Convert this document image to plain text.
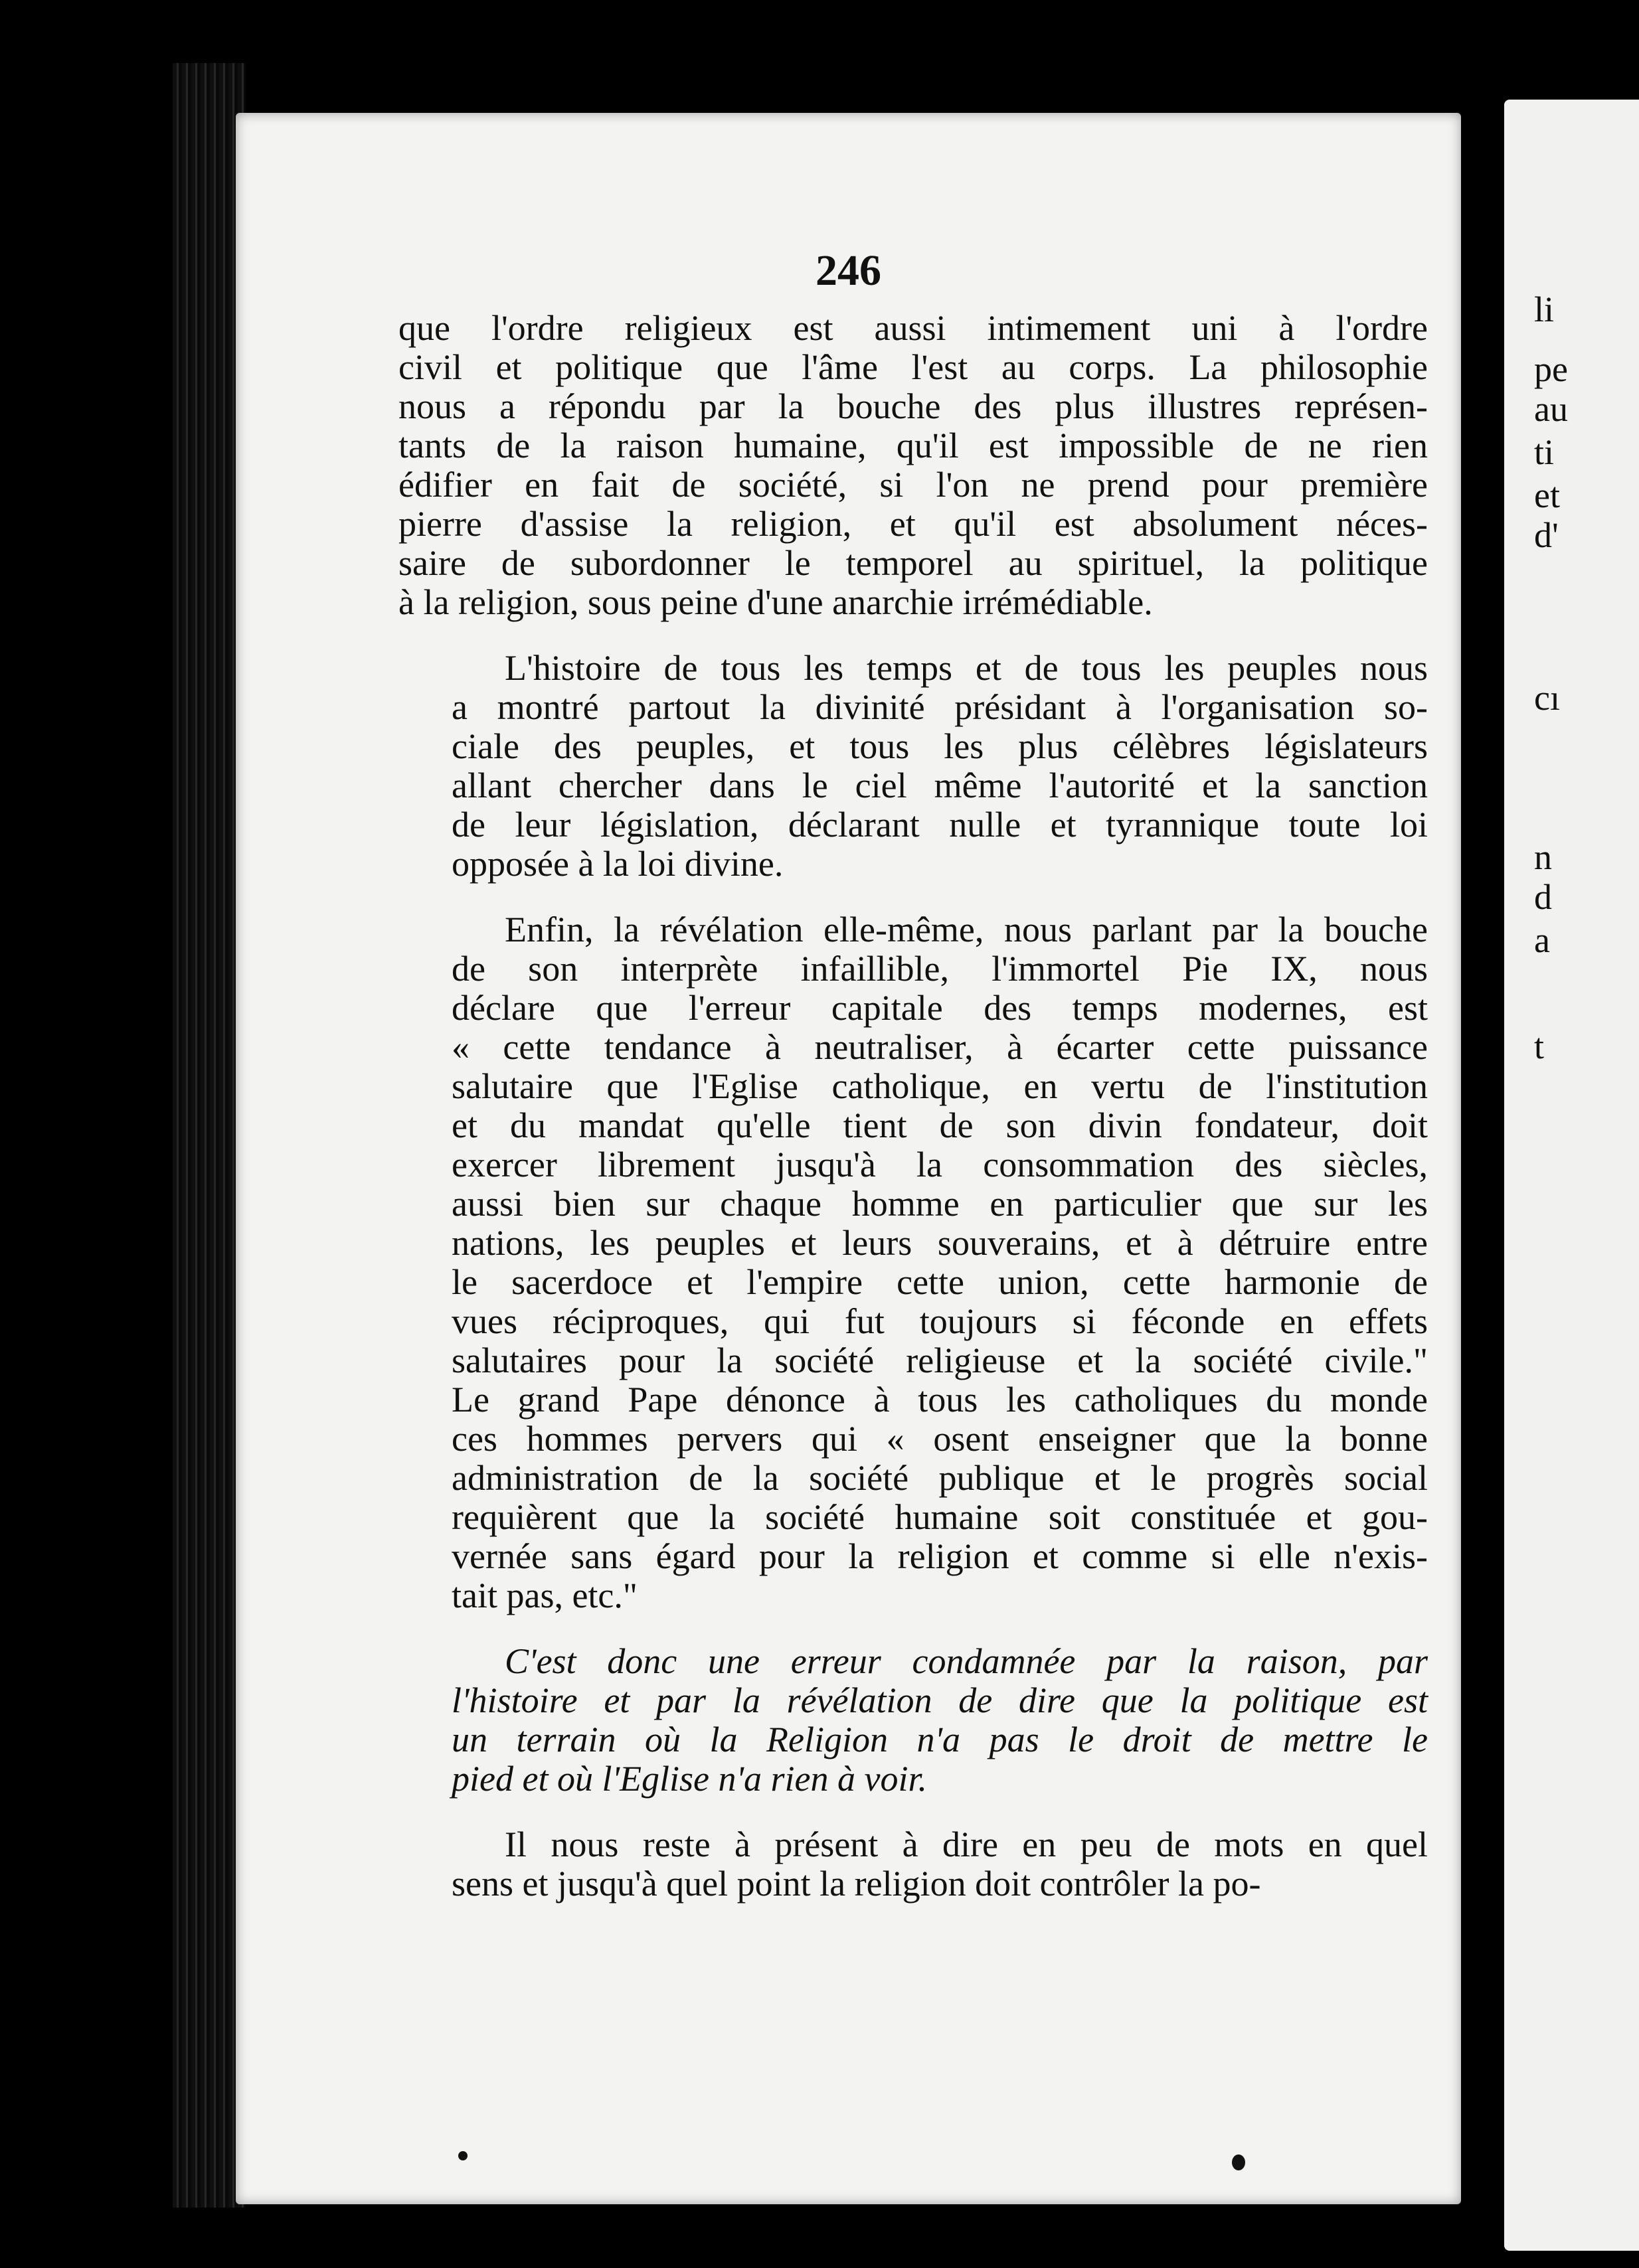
246
que l'ordre religieux est aussi intimement uni à l'ordre
civil et politique que l'âme l'est au corps. La philosophie
nous a répondu par la bouche des plus illustres représen-
tants de la raison humaine, qu'il est impossible de ne rien
édifier en fait de société, si l'on ne prend pour première
pierre d'assise la religion, et qu'il est absolument néces-
saire de subordonner le temporel au spirituel, la politique
à la religion, sous peine d'une anarchie irrémédiable.
L'histoire de tous les temps et de tous les peuples nous
a montré partout la divinité présidant à l'organisation so-
ciale des peuples, et tous les plus célèbres législateurs
allant chercher dans le ciel même l'autorité et la sanction
de leur législation, déclarant nulle et tyrannique toute loi
opposée à la loi divine.
Enfin, la révélation elle-même, nous parlant par la bouche
de son interprète infaillible, l'immortel Pie IX, nous
déclare que l'erreur capitale des temps modernes, est
« cette tendance à neutraliser, à écarter cette puissance
salutaire que l'Eglise catholique, en vertu de l'institution
et du mandat qu'elle tient de son divin fondateur, doit
exercer librement jusqu'à la consommation des siècles,
aussi bien sur chaque homme en particulier que sur les
nations, les peuples et leurs souverains, et à détruire entre
le sacerdoce et l'empire cette union, cette harmonie de
vues réciproques, qui fut toujours si féconde en effets
salutaires pour la société religieuse et la société civile."
Le grand Pape dénonce à tous les catholiques du monde
ces hommes pervers qui « osent enseigner que la bonne
administration de la société publique et le progrès social
requièrent que la société humaine soit constituée et gou-
vernée sans égard pour la religion et comme si elle n'exis-
tait pas, etc."
C'est donc une erreur condamnée par la raison, par
l'histoire et par la révélation de dire que la politique est
un terrain où la Religion n'a pas le droit de mettre le
pied et où l'Eglise n'a rien à voir.
Il nous reste à présent à dire en peu de mots en quel
sens et jusqu'à quel point la religion doit contrôler la po-
li
pe
au
ti
et
d'
cı
n
d
a
t
